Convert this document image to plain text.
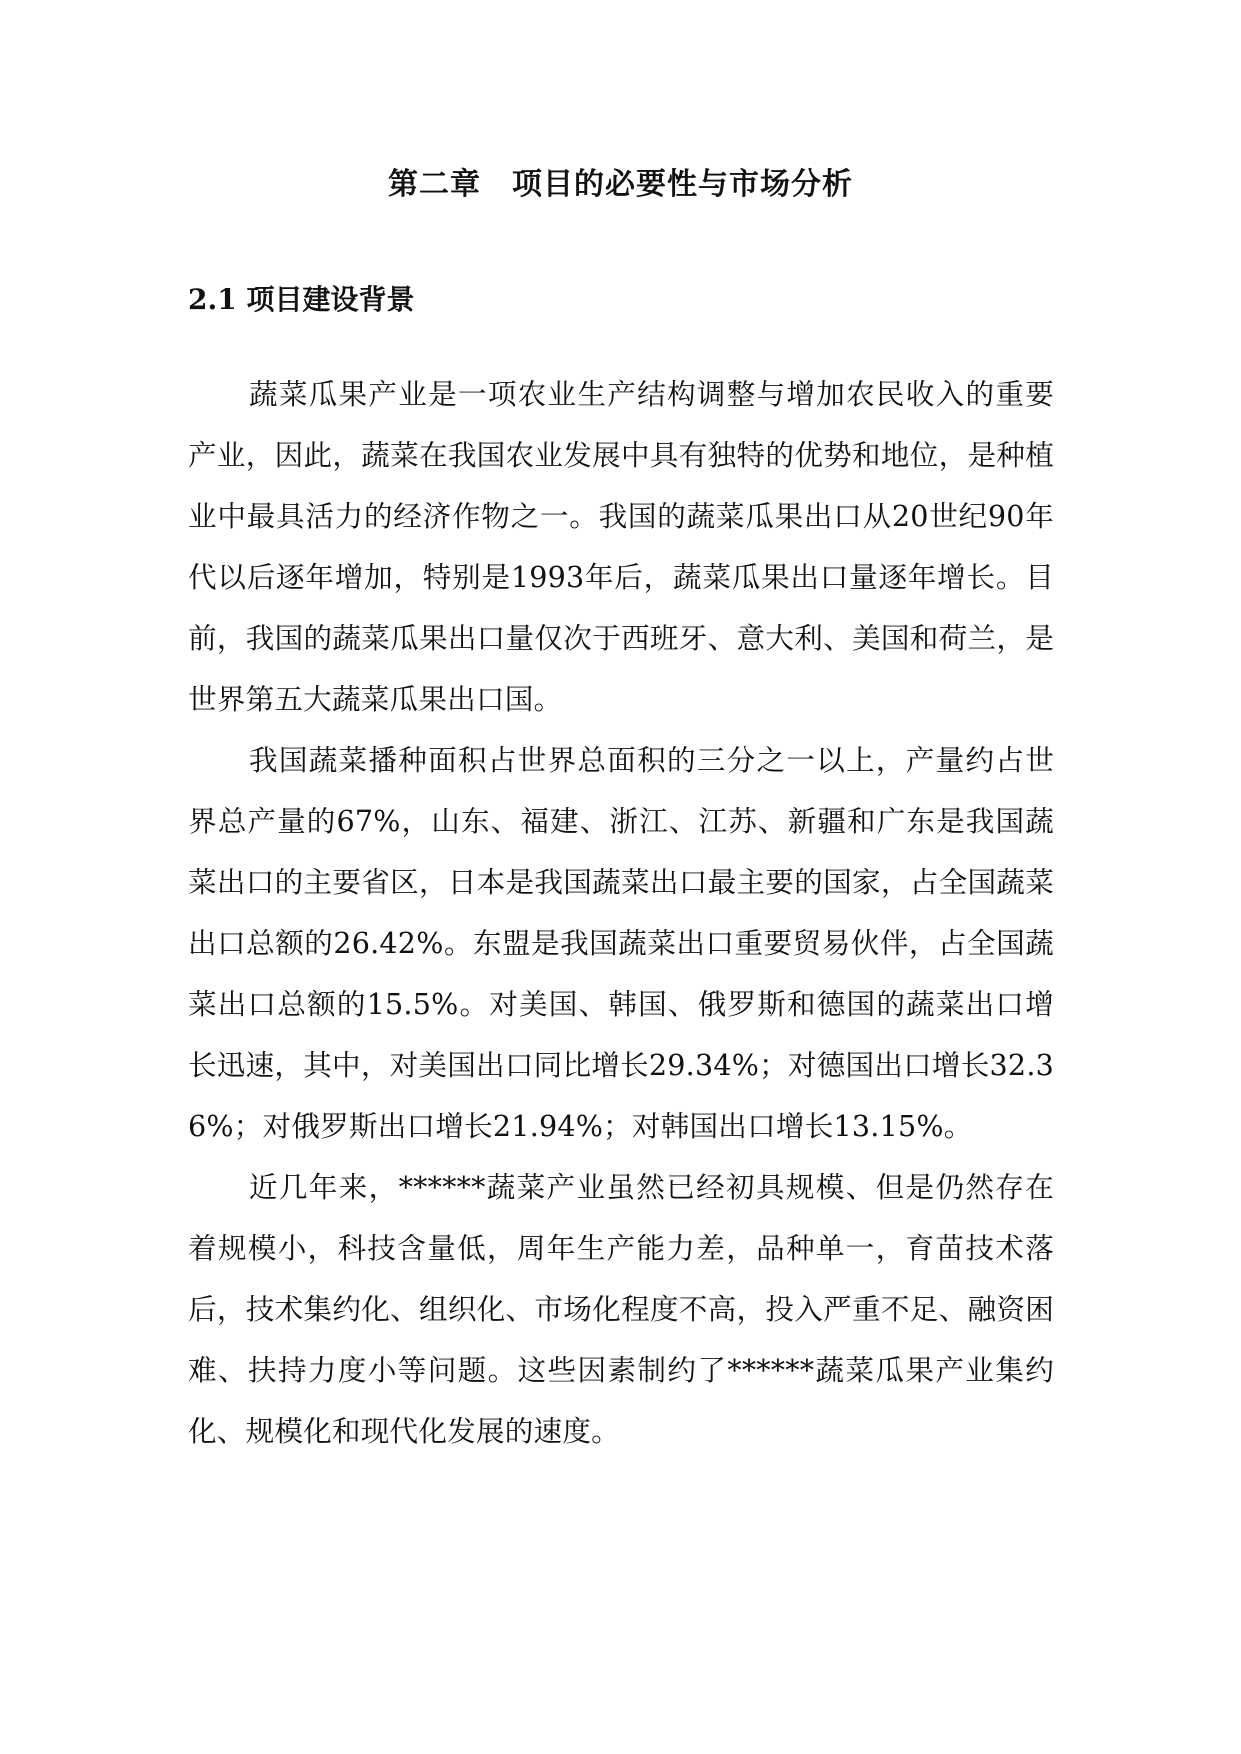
第二章　项目的必要性与市场分析
2.1 项目建设背景

蔬菜瓜果产业是一项农业生产结构调整与增加农民收入的重要产业，因此，蔬菜在我国农业发展中具有独特的优势和地位，是种植业中最具活力的经济作物之一。我国的蔬菜瓜果出口从20世纪90年代以后逐年增加，特别是1993年后，蔬菜瓜果出口量逐年增长。目前，我国的蔬菜瓜果出口量仅次于西班牙、意大利、美国和荷兰，是世界第五大蔬菜瓜果出口国。

我国蔬菜播种面积占世界总面积的三分之一以上，产量约占世界总产量的67%，山东、福建、浙江、江苏、新疆和广东是我国蔬菜出口的主要省区，日本是我国蔬菜出口最主要的国家，占全国蔬菜出口总额的26.42%。东盟是我国蔬菜出口重要贸易伙伴，占全国蔬菜出口总额的15.5%。对美国、韩国、俄罗斯和德国的蔬菜出口增长迅速，其中，对美国出口同比增长29.34%；对德国出口增长32.36%；对俄罗斯出口增长21.94%；对韩国出口增长13.15%。

近几年来，******蔬菜产业虽然已经初具规模、但是仍然存在着规模小，科技含量低，周年生产能力差，品种单一，育苗技术落后，技术集约化、组织化、市场化程度不高，投入严重不足、融资困难、扶持力度小等问题。这些因素制约了******蔬菜瓜果产业集约化、规模化和现代化发展的速度。
